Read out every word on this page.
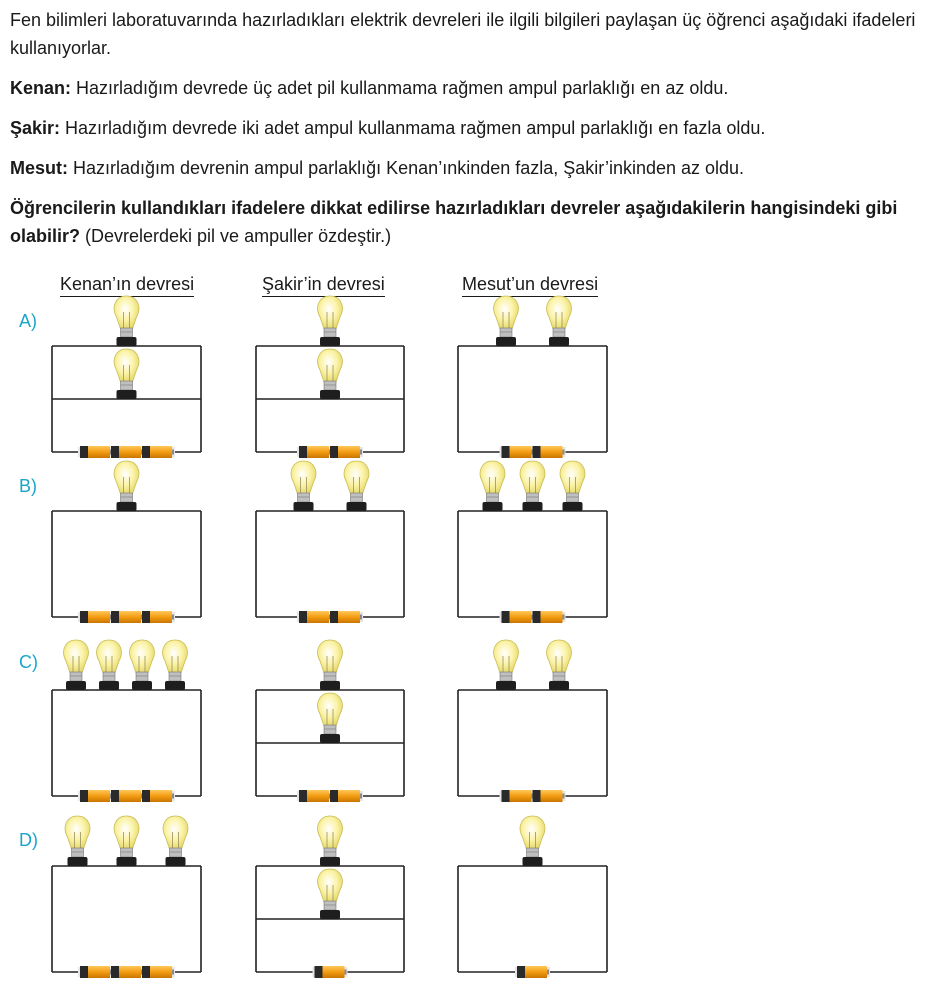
Fen bilimleri laboratuvarında hazırladıkları elektrik devreleri ile ilgili bilgileri paylaşan üç öğrenci aşağıdaki ifadeleri kullanıyorlar.

Kenan: Hazırladığım devrede üç adet pil kullanmama rağmen ampul parlaklığı en az oldu.

Şakir: Hazırladığım devrede iki adet ampul kullanmama rağmen ampul parlaklığı en fazla oldu.

Mesut: Hazırladığım devrenin ampul parlaklığı Kenan’ınkinden fazla, Şakir’inkinden az oldu.

Öğrencilerin kullandıkları ifadelere dikkat edilirse hazırladıkları devreler aşağıdakilerin hangisindeki gibi olabilir? (Devrelerdeki pil ve ampuller özdeştir.)

Kenan’ın devresi	Şakir’in devresi	Mesut’un devresi
A)
B)
C)
D)
